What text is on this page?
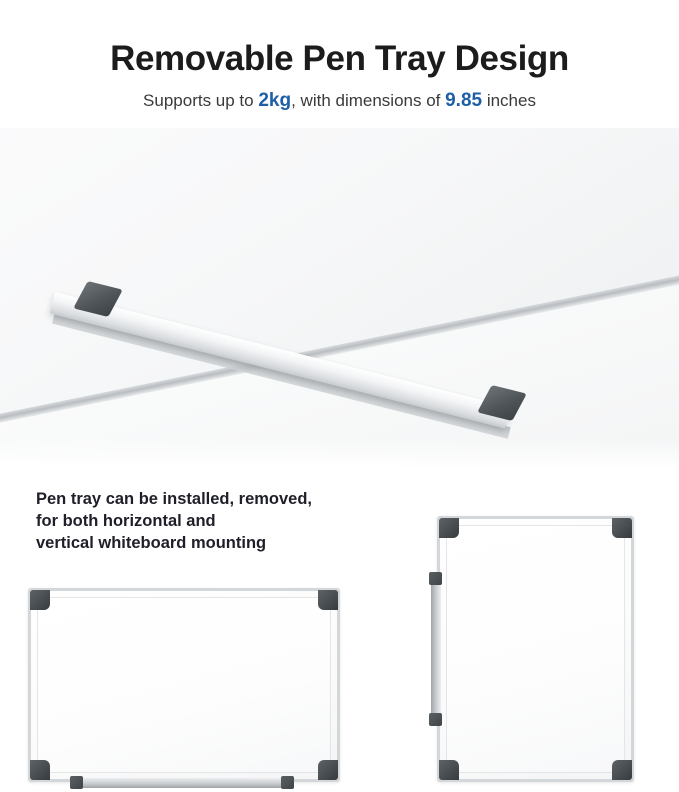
Removable Pen Tray Design
Supports up to 2kg, with dimensions of 9.85 inches
Pen tray can be installed, removed,
for both horizontal and
vertical whiteboard mounting
